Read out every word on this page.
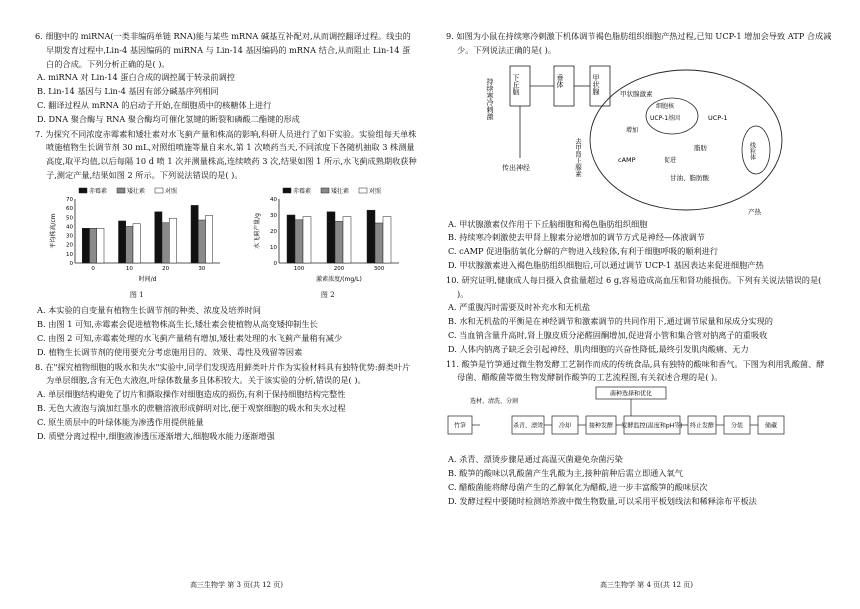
6. 细胞中的 miRNA(一类非编码单链 RNA)能与某些 mRNA 碱基互补配对,从而调控翻译过程。线虫的早期发育过程中,Lin-4 基因编码的 miRNA 与 Lin-14 基因编码的 mRNA 结合,从而阻止 Lin-14 蛋白的合成。下列分析正确的是( )。
A. miRNA 对 Lin-14 蛋白合成的调控属于转录前调控
B. Lin-14 基因与 Lin-4 基因有部分碱基序列相同
C. 翻译过程从 mRNA 的启动子开始,在细胞质中的核糖体上进行
D. DNA 聚合酶与 RNA 聚合酶均可催化氢键的断裂和磷酸二酯键的形成
7. 为探究不同浓度赤霉素和矮壮素对水飞蓟产量和株高的影响,科研人员进行了如下实验。实验组每天单株喷施植物生长调节剂 30 mL,对照组喷施等量自来水,第 1 次喷药当天,不同浓度下各随机抽取 3 株测量高度,取平均值,以后每隔 10 d 喷 1 次并测量株高,连续喷药 3 次,结果如图 1 所示,水飞蓟成熟期收获种子,测定产量,结果如图 2 所示。下列说法错误的是( )。
0
10
20
30
40
50
60
70
0	10	20	30
时间/d
平均株高/cm
赤霉素	矮壮素	对照
图 1
0
10
20
30
40
100	200	300
激素浓度/(mg/L)
水飞蓟产量/g
赤霉素	矮壮素	对照
图 2
A. 本实验的自变量有植物生长调节剂的种类、浓度及培养时间
B. 由图 1 可知,赤霉素会促进植物株高生长,矮壮素会使植物从高变矮抑制生长
C. 由图 2 可知,赤霉素处理的水飞蓟产量稍有增加,矮壮素处理的水飞蓟产量稍有减少
D. 植物生长调节剂的使用要充分考虑施用目的、效果、毒性及残留等因素
8. 在"探究植物细胞的吸水和失水"实验中,同学们发现选用藓类叶片作为实验材料具有独特优势:藓类叶片为单层细胞,含有无色大液泡,叶绿体数量多且体积较大。关于该实验的分析,错误的是( )。
A. 单层细胞结构避免了切片和撕取操作对细胞造成的损伤,有利于保持细胞结构完整性
B. 无色大液泡与滴加红墨水的蔗糖溶液形成鲜明对比,便于观察细胞的吸水和失水过程
C. 原生质层中的叶绿体能为渗透作用提供能量
D. 质壁分离过程中,细胞液渗透压逐渐增大,细胞吸水能力逐渐增强
高三生物学 第 3 页(共 12 页)
9. 如图为小鼠在持续寒冷刺激下机体调节褐色脂肪组织细胞产热过程,已知 UCP-1 增加会导致 ATP 合成减少。下列说法正确的是( )。
持续寒冷刺激	下丘脑	垂体	甲状腺
传出神经	去甲肾上腺素
甲状腺激素
细胞核
UCP-1基因
增加
UCP-1
线粒体
cAMP
脂肪
促进
甘油、脂肪酸
产热
A. 甲状腺激素仅作用于下丘脑细胞和褐色脂肪组织细胞
B. 持续寒冷刺激使去甲肾上腺素分泌增加的调节方式是神经—体液调节
C. cAMP 促进脂肪氧化分解的产物进入线粒体,有利于细胞呼吸的顺利进行
D. 甲状腺激素进入褐色脂肪组织细胞后,可以通过调节 UCP-1 基因表达来促进细胞产热
10. 研究证明,健康成人每日摄入食盐量超过 6 g,容易造成高血压和肾功能损伤。下列有关说法错误的是( )。
A. 严重腹泻时需要及时补充水和无机盐
B. 水和无机盐的平衡是在神经调节和激素调节的共同作用下,通过调节尿量和尿成分实现的
C. 当血钠含量升高时,肾上腺皮质分泌醛固酮增加,促进肾小管和集合管对钠离子的重吸收
D. 人体内钠离子缺乏会引起神经、肌肉细胞的兴奋性降低,最终引发肌肉酸痛、无力
11. 酸笋是竹笋通过微生物发酵工艺制作而成的传统食品,具有独特的酸味和香气。下图为利用乳酸菌、酵母菌、醋酸菌等微生物发酵制作酸笋的工艺流程图,有关叙述合理的是( )。
竹笋
选材、清洗、分割
杀青、漂烫	冷却	接种发酵 发酵监控(温度和pH等) 终止发酵	分装	储藏
菌种选择和优化
A. 杀青、漂烫步骤是通过高温灭菌避免杂菌污染
B. 酸笋的酸味以乳酸菌产生乳酸为主,接种前种后需立即通入氧气
C. 醋酸菌能将酵母菌产生的乙醇氧化为醋酸,进一步丰富酸笋的酸味层次
D. 发酵过程中要随时检测培养液中微生物数量,可以采用平板划线法和稀释涂布平板法
高三生物学 第 4 页(共 12 页)
